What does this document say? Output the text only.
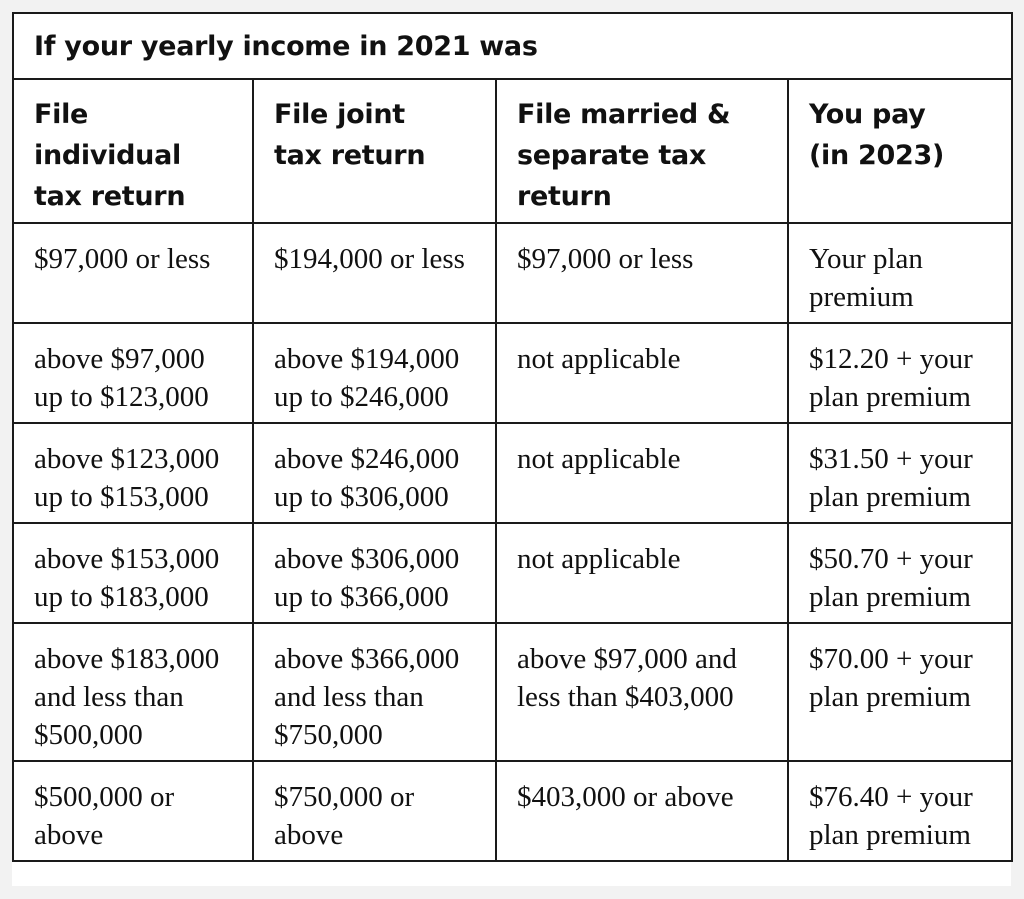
If your yearly income in 2021 was			

File individual tax return	File joint tax return	File married & separate tax return	You pay (in 2023)

$97,000 or less	$194,000 or less	$97,000 or less	Your plan premium

above $97,000 up to $123,000	above $194,000 up to $246,000	not applicable	$12.20 + your plan premium

above $123,000 up to $153,000	above $246,000 up to $306,000	not applicable	$31.50 + your plan premium

above $153,000 up to $183,000	above $306,000 up to $366,000	not applicable	$50.70 + your plan premium

above $183,000 and less than $500,000	above $366,000 and less than $750,000	above $97,000 and less than $403,000	$70.00 + your plan premium

$500,000 or above	$750,000 or above	$403,000 or above	$76.40 + your plan premium
